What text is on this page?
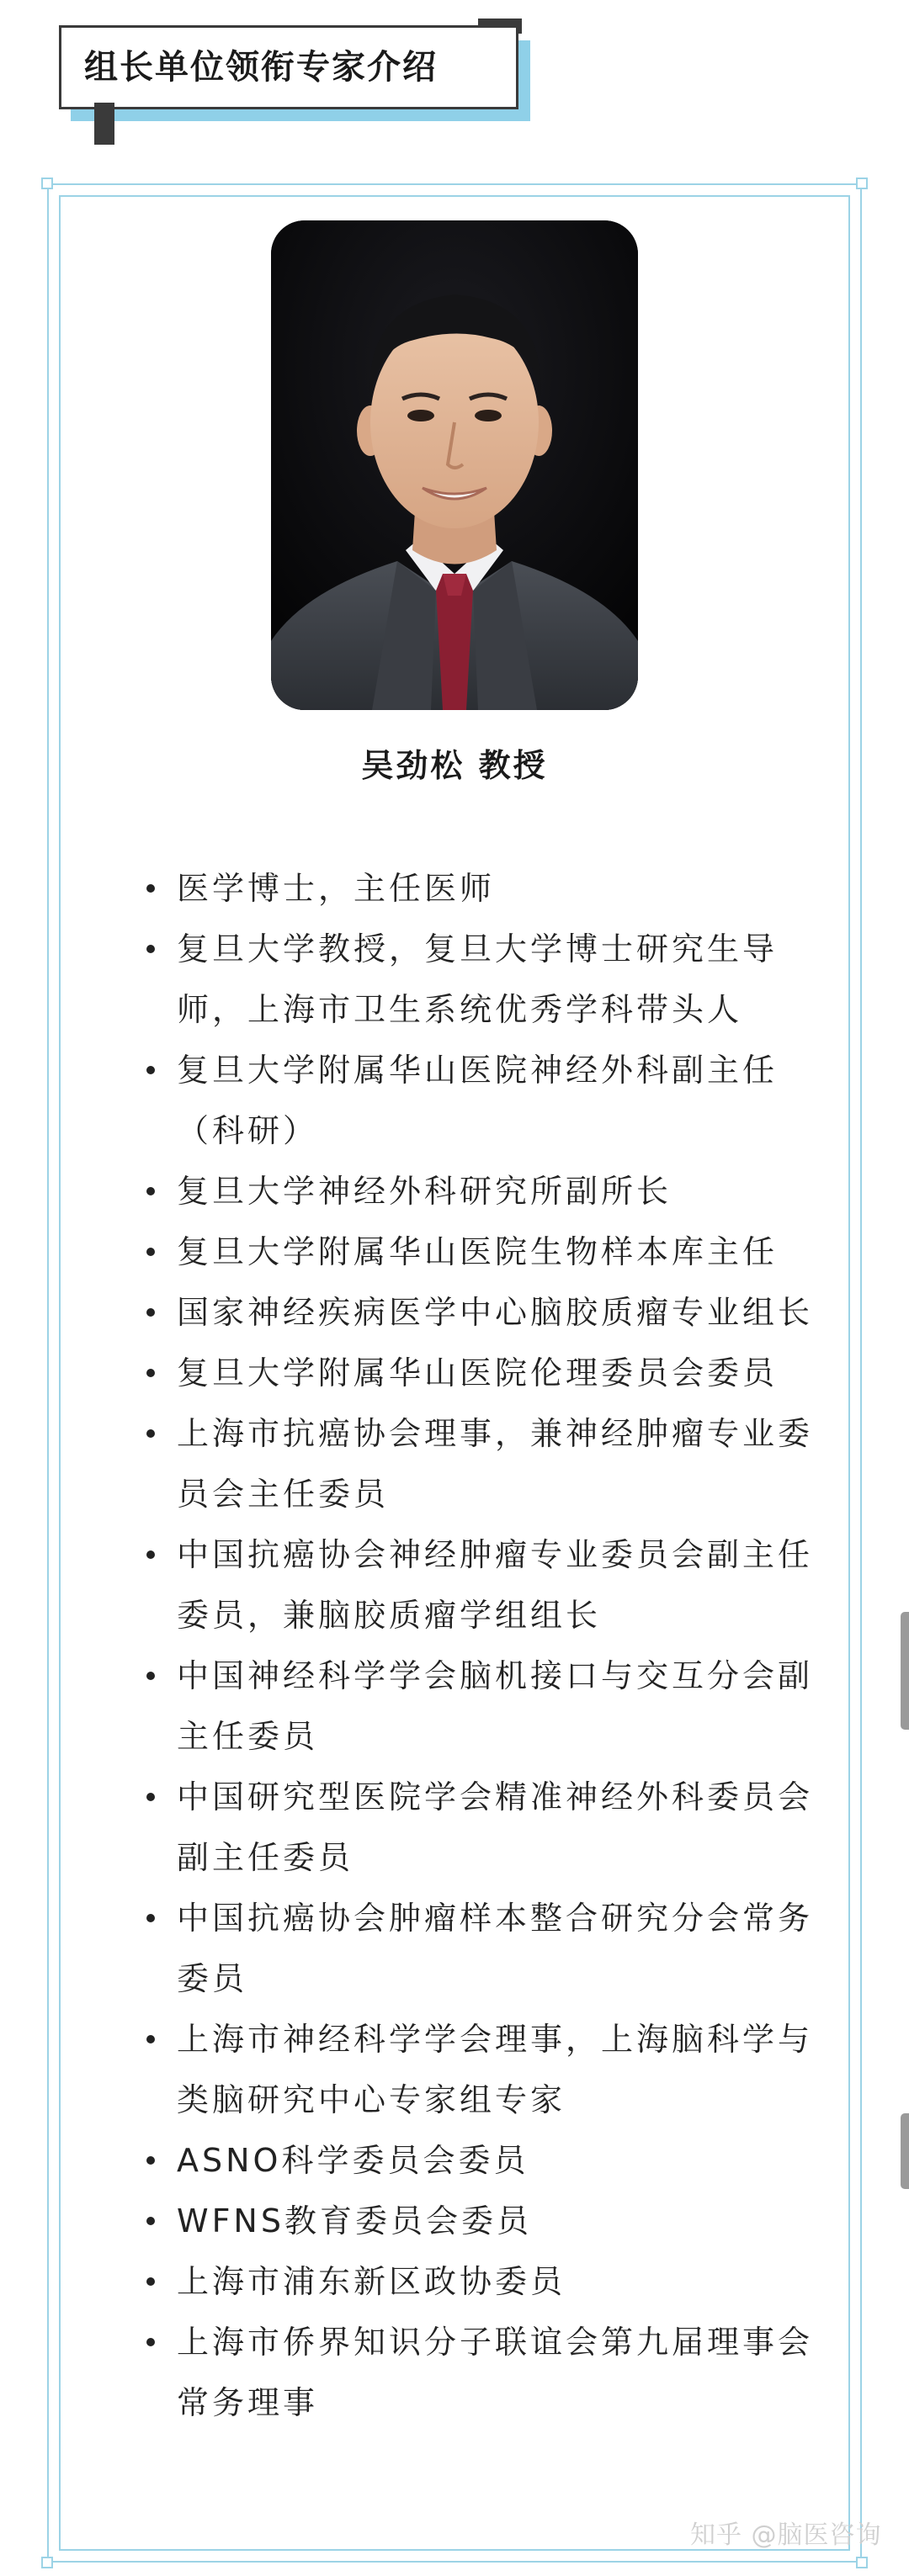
组长单位领衔专家介绍
吴劲松 教授
医学博士，主任医师
复旦大学教授，复旦大学博士研究生导师，上海市卫生系统优秀学科带头人
复旦大学附属华山医院神经外科副主任（科研）
复旦大学神经外科研究所副所长
复旦大学附属华山医院生物样本库主任
国家神经疾病医学中心脑胶质瘤专业组长
复旦大学附属华山医院伦理委员会委员
上海市抗癌协会理事，兼神经肿瘤专业委员会主任委员
中国抗癌协会神经肿瘤专业委员会副主任委员，兼脑胶质瘤学组组长
中国神经科学学会脑机接口与交互分会副主任委员
中国研究型医院学会精准神经外科委员会副主任委员
中国抗癌协会肿瘤样本整合研究分会常务委员
上海市神经科学学会理事，上海脑科学与类脑研究中心专家组专家
ASNO科学委员会委员
WFNS教育委员会委员
上海市浦东新区政协委员
上海市侨界知识分子联谊会第九届理事会常务理事
知乎 @脑医咨询
